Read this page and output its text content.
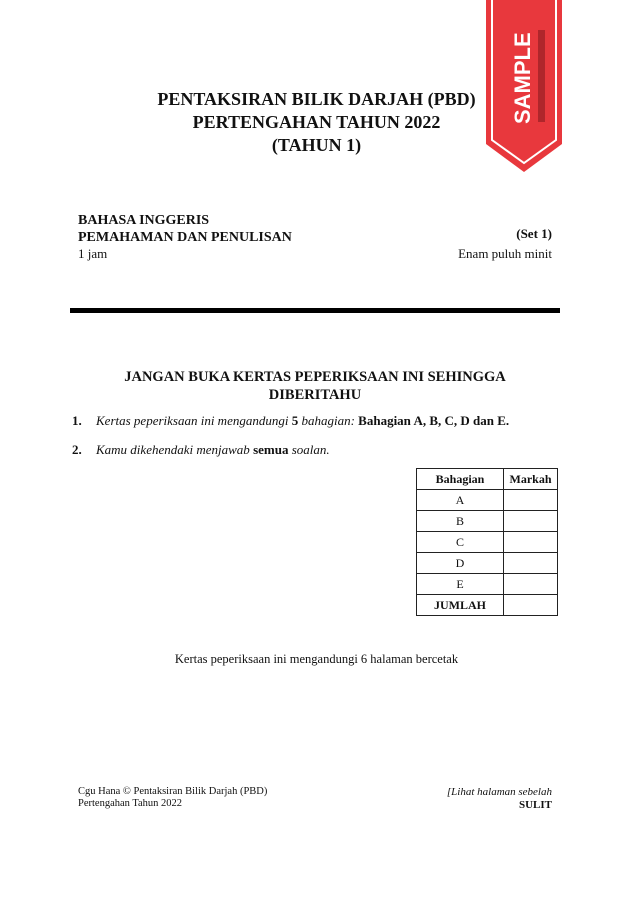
SAMPLE
PENTAKSIRAN BILIK DARJAH (PBD)
PERTENGAHAN TAHUN 2022
(TAHUN 1)
BAHASA INGGERIS
PEMAHAMAN DAN PENULISAN
1 jam
(Set 1)
Enam puluh minit
JANGAN BUKA KERTAS PEPERIKSAAN INI SEHINGGA
DIBERITAHU
1. Kertas peperiksaan ini mengandungi 5 bahagian: Bahagian A, B, C, D dan E.
2. Kamu dikehendaki menjawab semua soalan.
Bahagian	Markah
A	
B	
C	
D	
E	
JUMLAH	
Kertas peperiksaan ini mengandungi 6 halaman bercetak
Cgu Hana © Pentaksiran Bilik Darjah (PBD)
Pertengahan Tahun 2022
[Lihat halaman sebelah
SULIT
